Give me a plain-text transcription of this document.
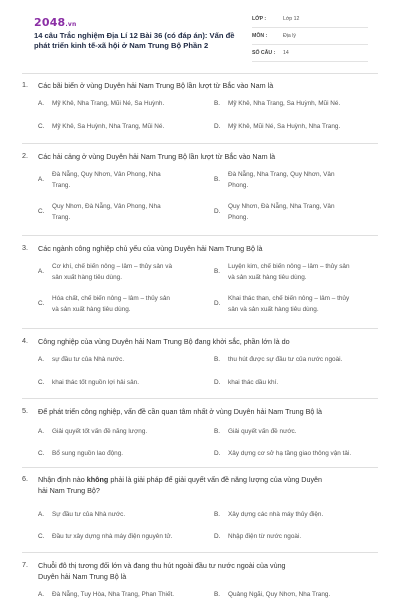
2048.vn
14 câu Trắc nghiệm Địa Lí 12 Bài 36 (có đáp án): Vấn đề
phát triển kinh tế-xã hội ở Nam Trung Bộ Phần 2
LỚP :	Lớp 12
MÔN :	Địa lý
SỐ CÂU : 14
1. Các bãi biển ở vùng Duyên hải Nam Trung Bộ lần lượt từ Bắc vào Nam là
A. Mỹ Khê, Nha Trang, Mũi Né, Sa Huỳnh.	B. Mỹ Khê, Nha Trang, Sa Huỳnh, Mũi Né.
C. Mỹ Khê, Sa Huỳnh, Nha Trang, Mũi Né.	D. Mỹ Khê, Mũi Né, Sa Huỳnh, Nha Trang.
2. Các hải cảng ở vùng Duyên hải Nam Trung Bộ lần lượt từ Bắc vào Nam là
A.
Đà Nẵng, Quy Nhơn, Vân Phong, Nha
Trang.
B.
Đà Nẵng, Nha Trang, Quy Nhơn, Vân
Phong.
C.
Quy Nhơn, Đà Nẵng, Vân Phong, Nha
Trang.
D.
Quy Nhơn, Đà Nẵng, Nha Trang, Vân
Phong.
3. Các ngành công nghiệp chủ yếu của vùng Duyên hải Nam Trung Bộ là
A.
Cơ khí, chế biến nông – lâm – thủy sản và
sản xuất hàng tiêu dùng.
B.
Luyện kim, chế biến nông – lâm – thủy sản
và sản xuất hàng tiêu dùng.
C.
Hóa chất, chế biến nông – lâm – thủy sản
và sản xuất hàng tiêu dùng.
D.
Khai thác than, chế biến nông – lâm – thủy
sản và sản xuất hàng tiêu dùng.
4. Công nghiệp của vùng Duyên hải Nam Trung Bộ đang khởi sắc, phần lớn là do
A. sự đầu tư của Nhà nước.	B. thu hút được sự đầu tư của nước ngoài.
C. khai thác tốt nguồn lợi hải sản.	D. khai thác dầu khí.
5. Để phát triển công nghiệp, vấn đề cần quan tâm nhất ở vùng Duyên hải Nam Trung Bộ là
A. Giải quyết tốt vấn đề năng lượng.	B. Giải quyết vấn đề nước.
C. Bổ sung nguồn lao động.	D. Xây dựng cơ sở hạ tầng giao thông vận tải.
6. Nhận định nào không phải là giải pháp để giải quyết vấn đề năng lượng của vùng Duyên
hải Nam Trung Bộ?
A. Sự đầu tư của Nhà nước.	B. Xây dựng các nhà máy thủy điện.
C. Đầu tư xây dựng nhà máy điện nguyên tử.	D. Nhập điện từ nước ngoài.
7. Chuỗi đô thị tương đối lớn và đang thu hút ngoài đầu tư nước ngoài của vùng
Duyên hải Nam Trung Bộ là
A. Đà Nẵng, Tuy Hòa, Nha Trang, Phan Thiết.	B. Quảng Ngãi, Quy Nhơn, Nha Trang.
